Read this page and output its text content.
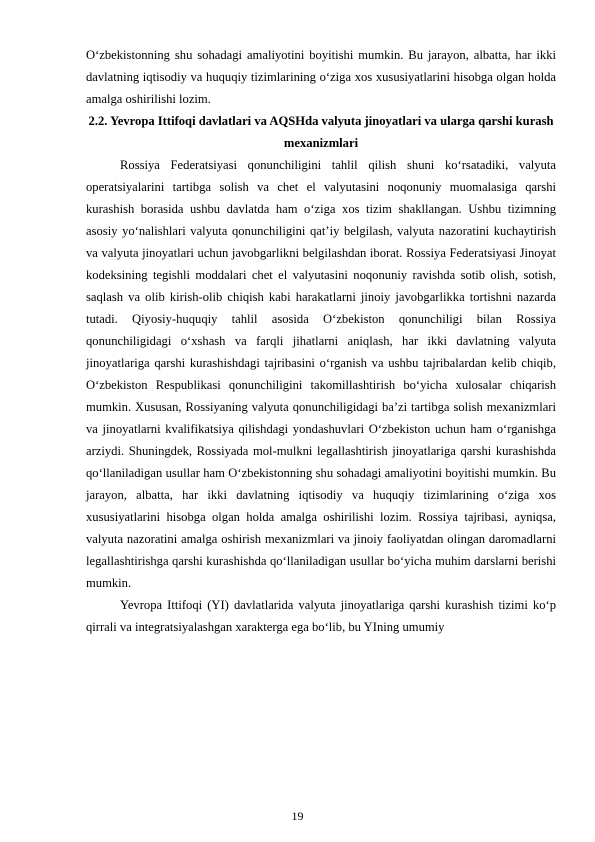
O‘zbekistonning shu sohadagi amaliyotini boyitishi mumkin. Bu jarayon, albatta, har ikki davlatning iqtisodiy va huquqiy tizimlarining o‘ziga xos xususiyatlarini hisobga olgan holda amalga oshirilishi lozim.

2.2. Yevropa Ittifoqi davlatlari va AQSHda valyuta jinoyatlari va ularga qarshi kurash mexanizmlari

Rossiya Federatsiyasi qonunchiligini tahlil qilish shuni ko‘rsatadiki, valyuta operatsiyalarini tartibga solish va chet el valyutasini noqonuniy muomalasiga qarshi kurashish borasida ushbu davlatda ham o‘ziga xos tizim shakllangan. Ushbu tizimning asosiy yo‘nalishlari valyuta qonunchiligini qat’iy belgilash, valyuta nazoratini kuchaytirish va valyuta jinoyatlari uchun javobgarlikni belgilashdan iborat. Rossiya Federatsiyasi Jinoyat kodeksining tegishli moddalari chet el valyutasini noqonuniy ravishda sotib olish, sotish, saqlash va olib kirish-olib chiqish kabi harakatlarni jinoiy javobgarlikka tortishni nazarda tutadi. Qiyosiy-huquqiy tahlil asosida O‘zbekiston qonunchiligi bilan Rossiya qonunchiligidagi o‘xshash va farqli jihatlarni aniqlash, har ikki davlatning valyuta jinoyatlariga qarshi kurashishdagi tajribasini o‘rganish va ushbu tajribalardan kelib chiqib, O‘zbekiston Respublikasi qonunchiligini takomillashtirish bo‘yicha xulosalar chiqarish mumkin. Xususan, Rossiyaning valyuta qonunchiligidagi ba’zi tartibga solish mexanizmlari va jinoyatlarni kvalifikatsiya qilishdagi yondashuvlari O‘zbekiston uchun ham o‘rganishga arziydi. Shuningdek, Rossiyada mol-mulkni legallashtirish jinoyatlariga qarshi kurashishda qo‘llaniladigan usullar ham O‘zbekistonning shu sohadagi amaliyotini boyitishi mumkin. Bu jarayon, albatta, har ikki davlatning iqtisodiy va huquqiy tizimlarining o‘ziga xos xususiyatlarini hisobga olgan holda amalga oshirilishi lozim. Rossiya tajribasi, ayniqsa, valyuta nazoratini amalga oshirish mexanizmlari va jinoiy faoliyatdan olingan daromadlarni legallashtirishga qarshi kurashishda qo‘llaniladigan usullar bo‘yicha muhim darslarni berishi mumkin.

Yevropa Ittifoqi (YI) davlatlarida valyuta jinoyatlariga qarshi kurashish tizimi ko‘p qirrali va integratsiyalashgan xarakterga ega bo‘lib, bu YIning umumiy

19
